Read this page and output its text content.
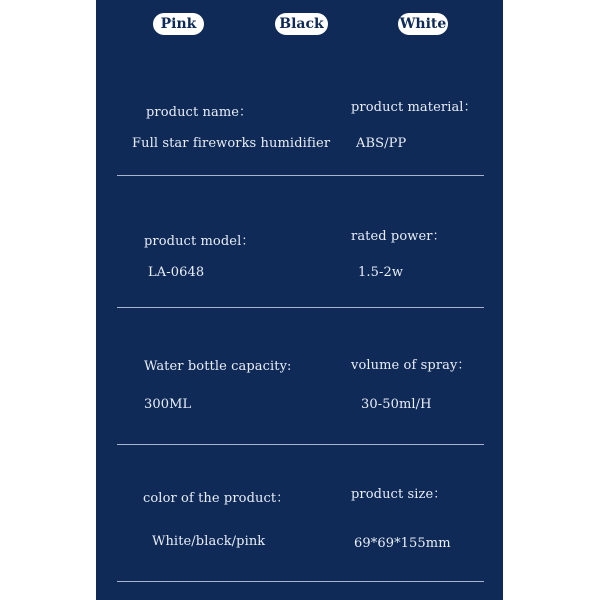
Pink	Black	White
product name：
Full star fireworks humidifier
product material：
ABS/PP
product model：
LA-0648
rated power：
1.5-2w
Water bottle capacity:
300ML
volume of spray：
30-50ml/H
color of the product：
White/black/pink
product size：
69*69*155mm
